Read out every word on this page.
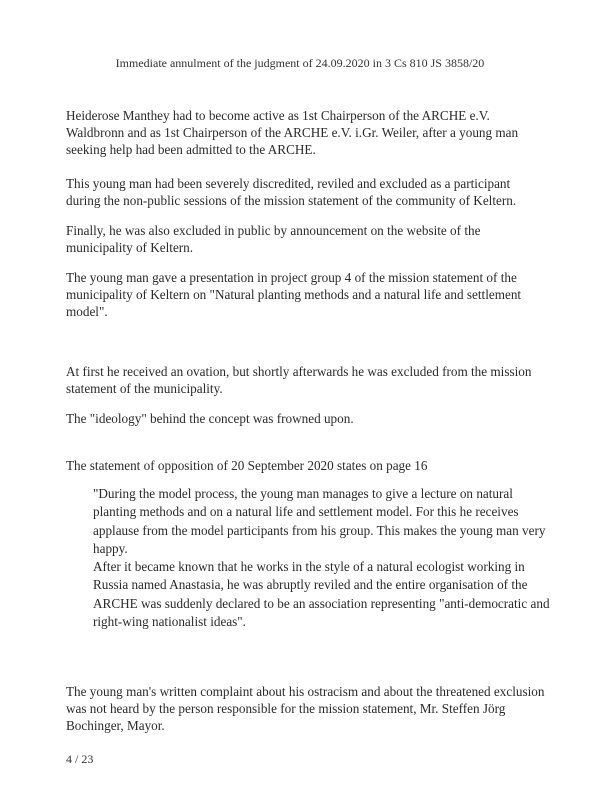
Immediate annulment of the judgment of 24.09.2020 in 3 Cs 810 JS 3858/20

Heiderose Manthey had to become active as 1st Chairperson of the ARCHE e.V. Waldbronn and as 1st Chairperson of the ARCHE e.V. i.Gr. Weiler, after a young man seeking help had been admitted to the ARCHE.

This young man had been severely discredited, reviled and excluded as a participant during the non-public sessions of the mission statement of the community of Keltern.

Finally, he was also excluded in public by announcement on the website of the municipality of Keltern.

The young man gave a presentation in project group 4 of the mission statement of the municipality of Keltern on "Natural planting methods and a natural life and settlement model".

At first he received an ovation, but shortly afterwards he was excluded from the mission statement of the municipality.

The "ideology" behind the concept was frowned upon.

The statement of opposition of 20 September 2020 states on page 16

"During the model process, the young man manages to give a lecture on natural planting methods and on a natural life and settlement model. For this he receives applause from the model participants from his group. This makes the young man very happy.

After it became known that he works in the style of a natural ecologist working in Russia named Anastasia, he was abruptly reviled and the entire organisation of the ARCHE was suddenly declared to be an association representing "anti-democratic and right-wing nationalist ideas".

The young man's written complaint about his ostracism and about the threatened exclusion was not heard by the person responsible for the mission statement, Mr. Steffen Jörg Bochinger, Mayor.

4 / 23
